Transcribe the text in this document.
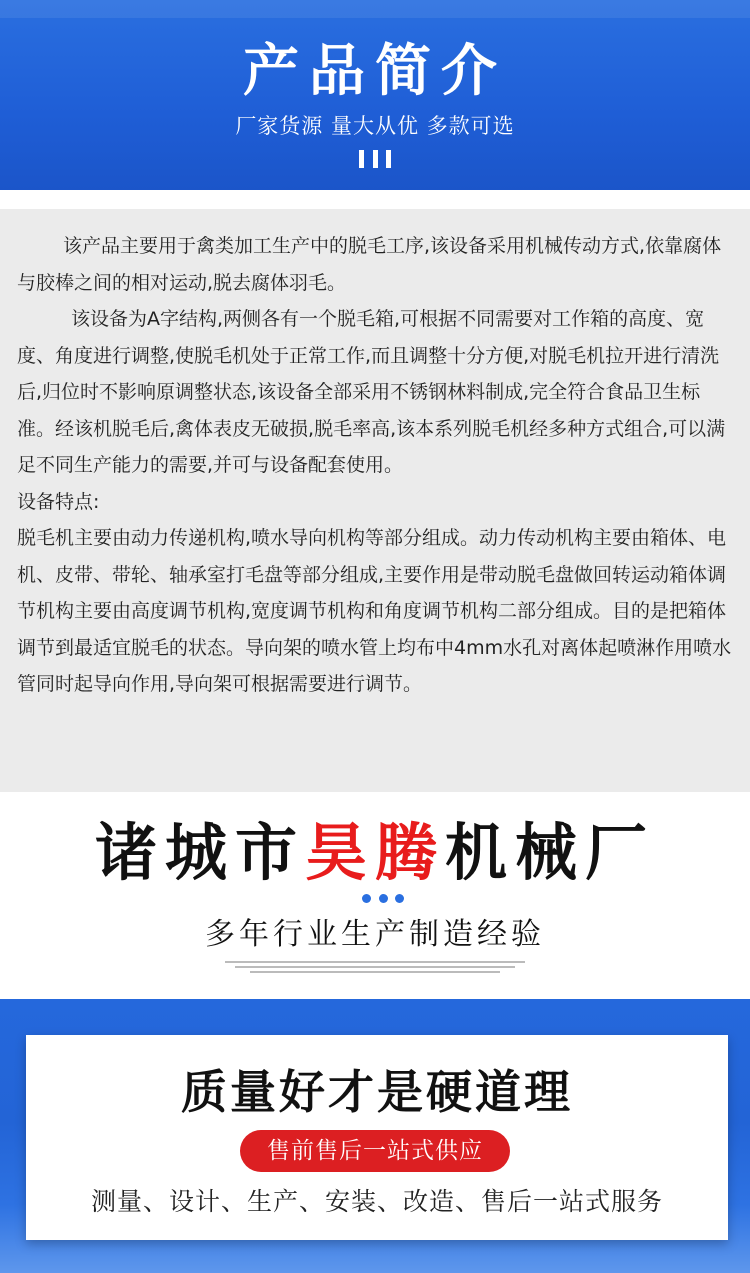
产品简介
厂家货源 量大从优 多款可选

该产品主要用于禽类加工生产中的脱毛工序,该设备采用机械传动方式,依靠腐体与胶棒之间的相对运动,脱去腐体羽毛。

该设备为A字结构,两侧各有一个脱毛箱,可根据不同需要对工作箱的高度、宽度、角度进行调整,使脱毛机处于正常工作,而且调整十分方便,对脱毛机拉开进行清洗后,归位时不影响原调整状态,该设备全部采用不锈钢林料制成,完全符合食品卫生标准。经该机脱毛后,禽体表皮无破损,脱毛率高,该本系列脱毛机经多种方式组合,可以满足不同生产能力的需要,并可与设备配套使用。

设备特点:

脱毛机主要由动力传递机构,喷水导向机构等部分组成。动力传动机构主要由箱体、电机、皮带、带轮、轴承室打毛盘等部分组成,主要作用是带动脱毛盘做回转运动箱体调节机构主要由高度调节机构,宽度调节机构和角度调节机构二部分组成。目的是把箱体调节到最适宜脱毛的状态。导向架的喷水管上均布中4mm水孔对离体起喷淋作用喷水管同时起导向作用,导向架可根据需要进行调节。

诸城市昊腾机械厂
多年行业生产制造经验
质量好才是硬道理
售前售后一站式供应
测量、设计、生产、安装、改造、售后一站式服务
